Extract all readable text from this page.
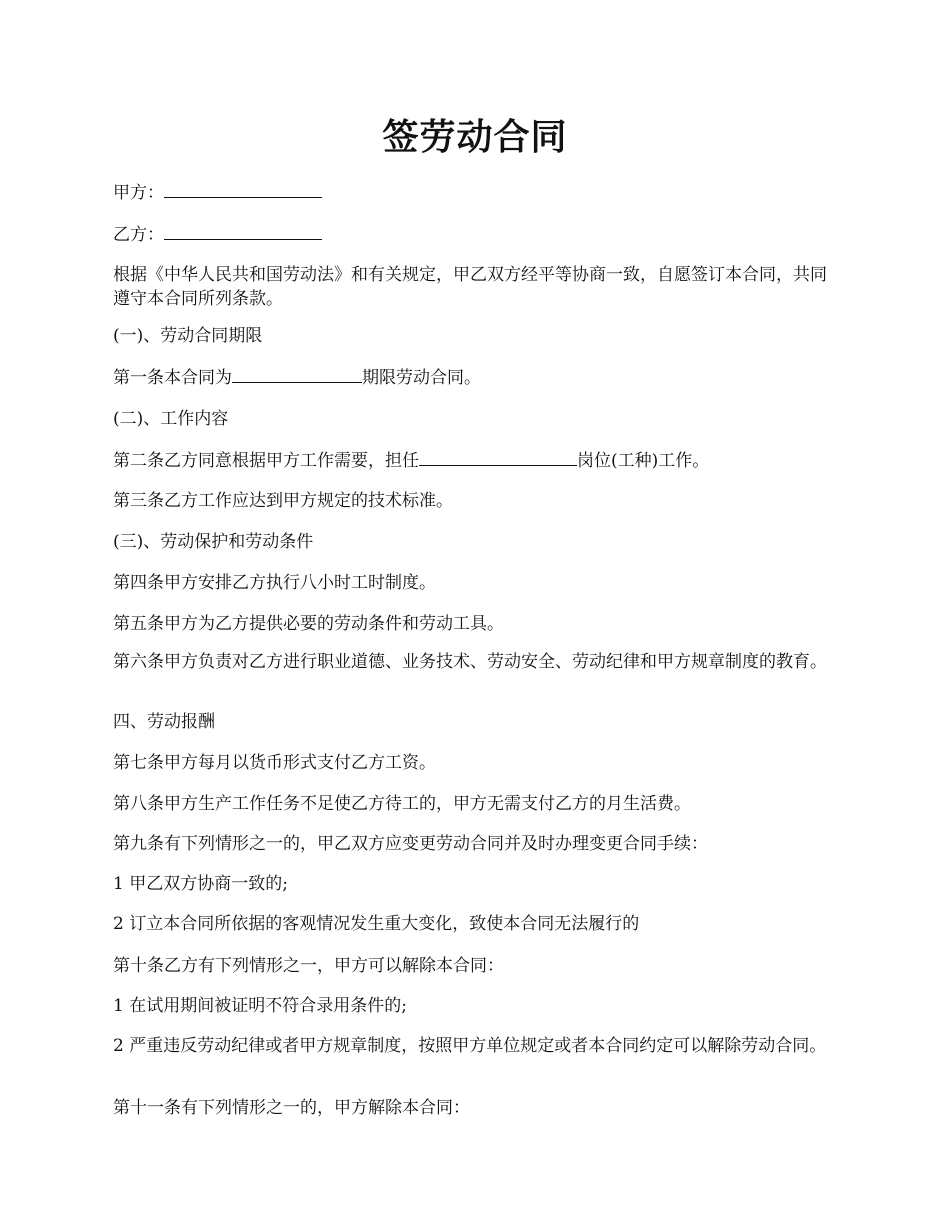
签劳动合同

甲方：

乙方：

根据《中华人民共和国劳动法》和有关规定，甲乙双方经平等协商一致，自愿签订本合同，共同遵守本合同所列条款。

(一)、劳动合同期限

第一条本合同为	期限劳动合同。

(二)、工作内容

第二条乙方同意根据甲方工作需要，担任	岗位(工种)工作。

第三条乙方工作应达到甲方规定的技术标准。

(三)、劳动保护和劳动条件

第四条甲方安排乙方执行八小时工时制度。

第五条甲方为乙方提供必要的劳动条件和劳动工具。

第六条甲方负责对乙方进行职业道德、业务技术、劳动安全、劳动纪律和甲方规章制度的教育。

四、劳动报酬

第七条甲方每月以货币形式支付乙方工资。

第八条甲方生产工作任务不足使乙方待工的，甲方无需支付乙方的月生活费。

第九条有下列情形之一的，甲乙双方应变更劳动合同并及时办理变更合同手续：

1 甲乙双方协商一致的;

2 订立本合同所依据的客观情况发生重大变化，致使本合同无法履行的

第十条乙方有下列情形之一，甲方可以解除本合同：

1 在试用期间被证明不符合录用条件的;

2 严重违反劳动纪律或者甲方规章制度，按照甲方单位规定或者本合同约定可以解除劳动合同。

第十一条有下列情形之一的，甲方解除本合同：
